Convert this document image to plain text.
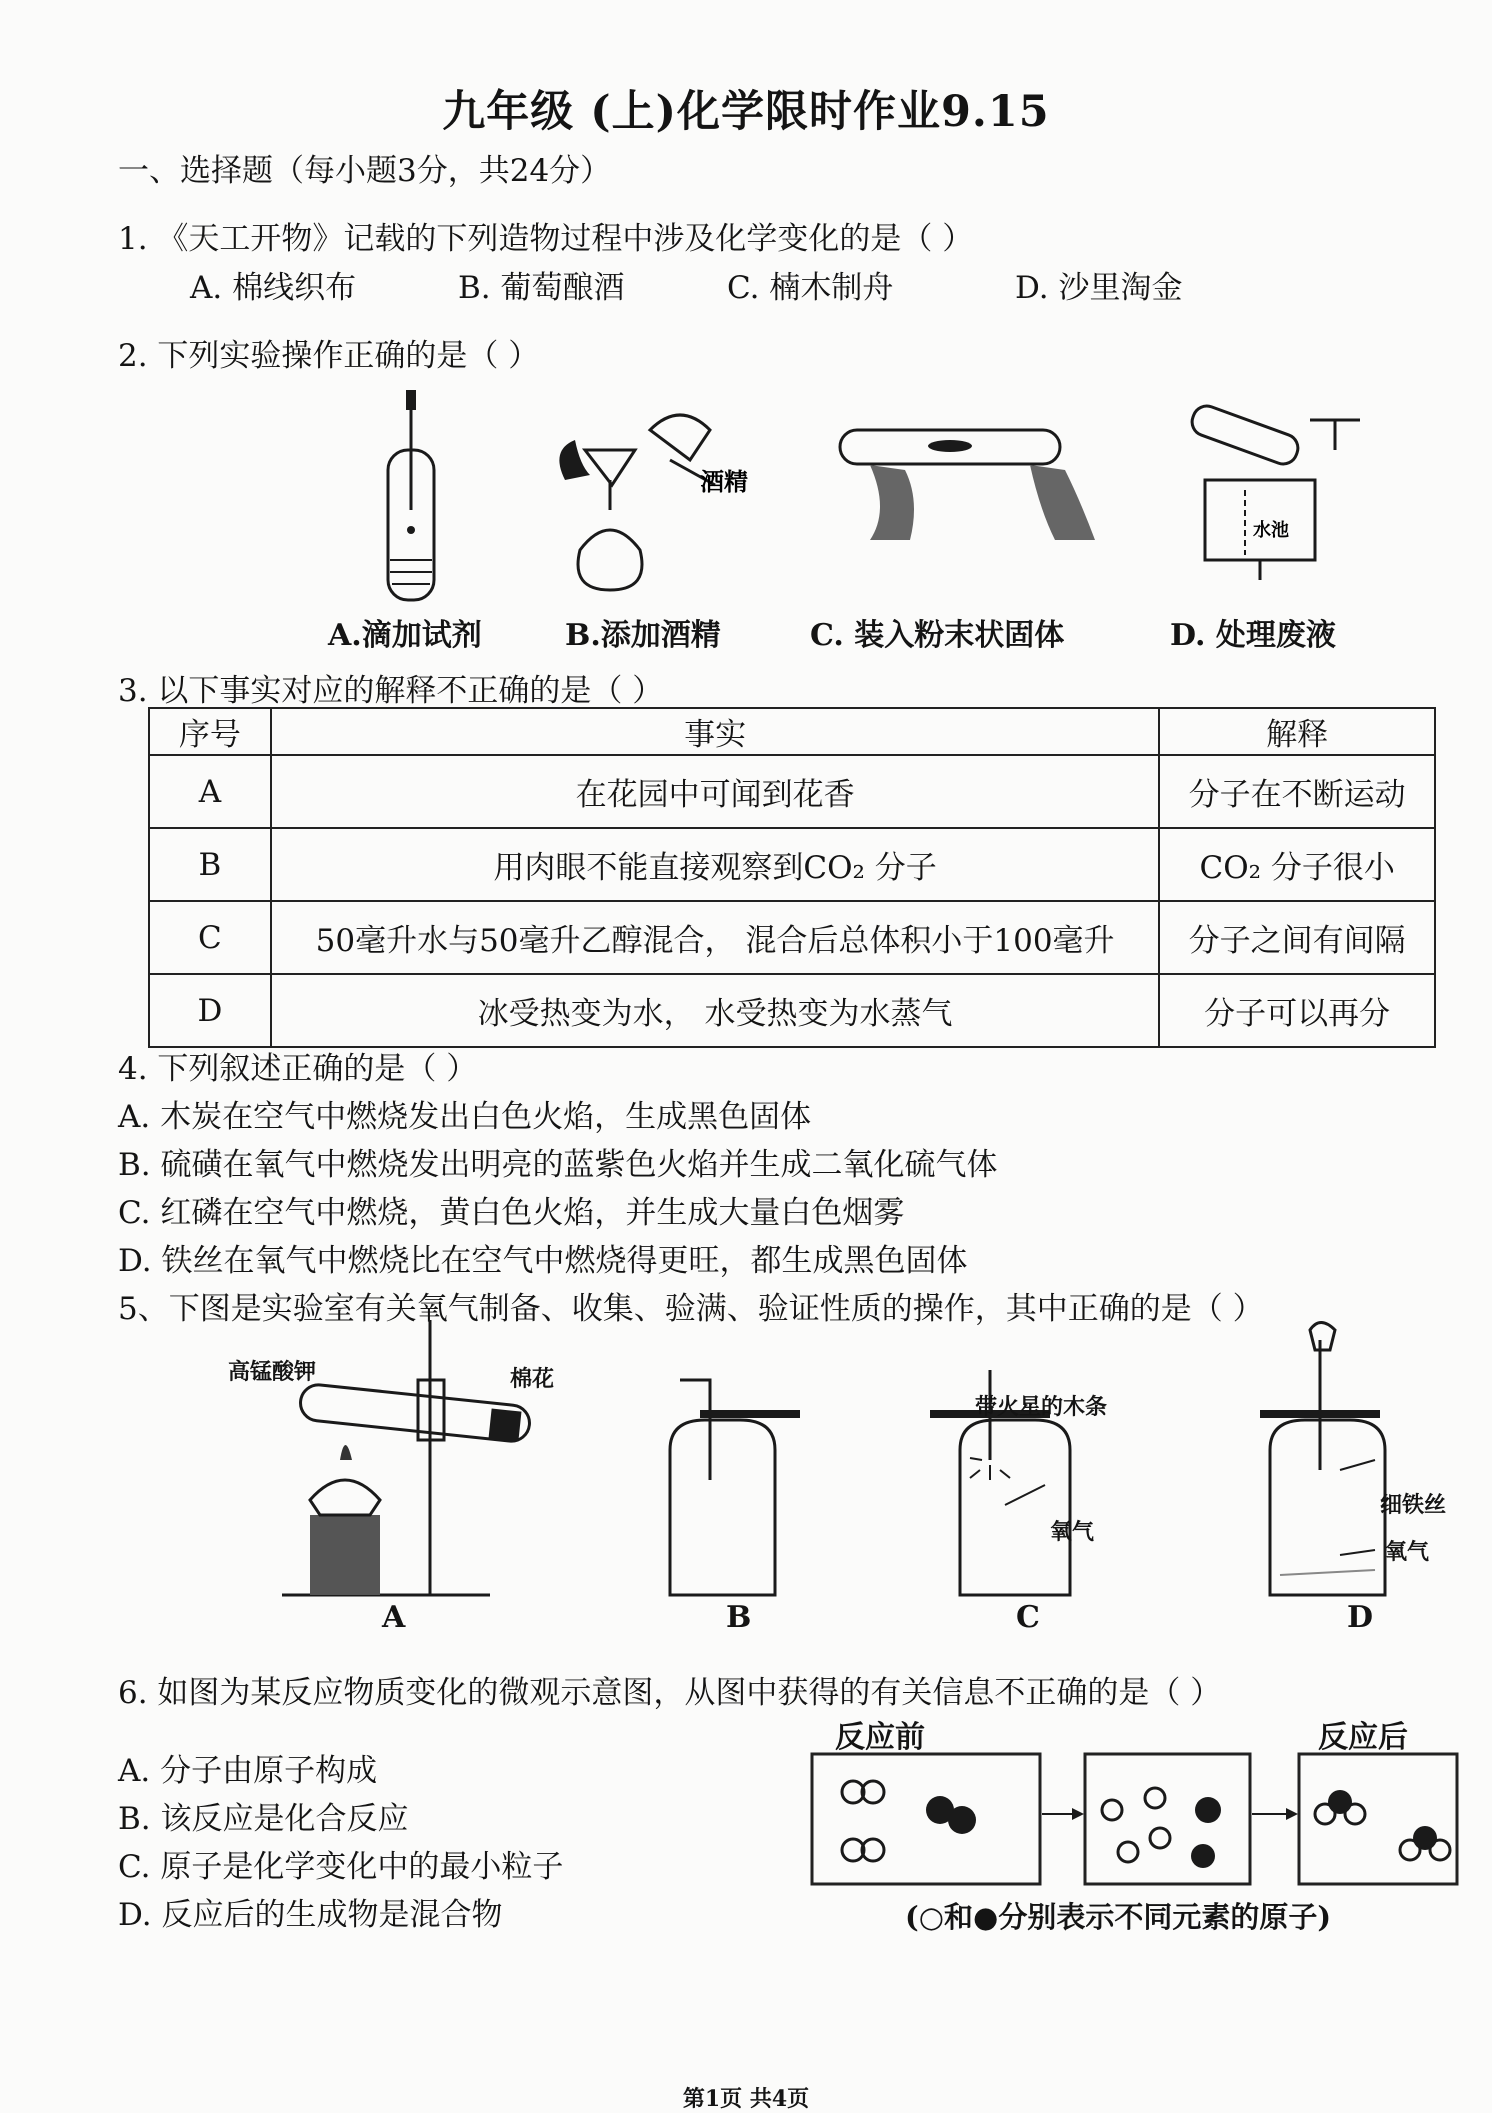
九年级 (上)化学限时作业9.15
一、选择题（每小题3分，共24分）
1. 《天工开物》记载的下列造物过程中涉及化学变化的是（ ）
A. 棉线织布	B. 葡萄酿酒	C. 楠木制舟	D. 沙里淘金
2. 下列实验操作正确的是（ ）
酒精
水池
A.滴加试剂	B.添加酒精	C. 装入粉末状固体	D. 处理废液
3. 以下事实对应的解释不正确的是（ ）
序号	事实	解释
A	在花园中可闻到花香	分子在不断运动
B	用肉眼不能直接观察到CO₂ 分子	CO₂ 分子很小
C	50毫升水与50毫升乙醇混合， 混合后总体积小于100毫升	分子之间有间隔
D	冰受热变为水， 水受热变为水蒸气	分子可以再分
4. 下列叙述正确的是（ ）
A. 木炭在空气中燃烧发出白色火焰，生成黑色固体
B. 硫磺在氧气中燃烧发出明亮的蓝紫色火焰并生成二氧化硫气体
C. 红磷在空气中燃烧，黄白色火焰，并生成大量白色烟雾
D. 铁丝在氧气中燃烧比在空气中燃烧得更旺，都生成黑色固体
5、下图是实验室有关氧气制备、收集、验满、验证性质的操作，其中正确的是（ ）
高锰酸钾	棉花
带火星的木条
氧气
细铁丝
氧气
A	B	C	D
6. 如图为某反应物质变化的微观示意图，从图中获得的有关信息不正确的是（ ）
A. 分子由原子构成
B. 该反应是化合反应
C. 原子是化学变化中的最小粒子
D. 反应后的生成物是混合物
反应前	反应后
(○和●分别表示不同元素的原子)
第1页 共4页
